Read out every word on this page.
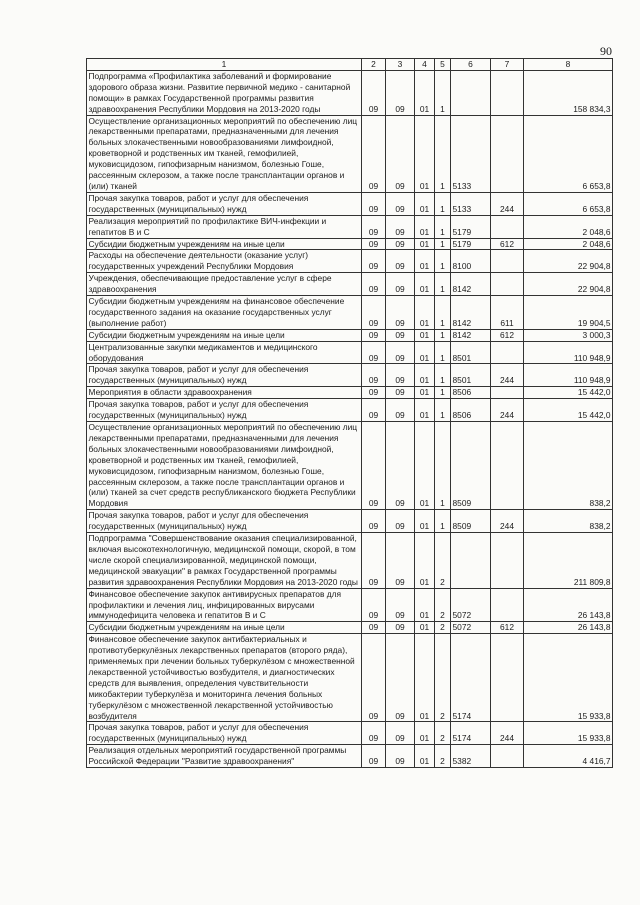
90
1	2	3	4	5	6	7	8
Подпрограмма «Профилактика заболеваний и формирование здорового образа жизни. Развитие первичной медико - санитарной помощи» в рамках Государственной программы развития здравоохранения Республики Мордовия на 2013-2020 годы	09	09	01	1			158 834,3
Осуществление организационных мероприятий по обеспечению лиц лекарственными препаратами, предназначенными для лечения больных злокачественными новообразованиями лимфоидной, кроветворной и родственных им тканей, гемофилией, муковисцидозом, гипофизарным нанизмом, болезнью Гоше, рассеянным склерозом, а также после трансплантации органов и (или) тканей	09	09	01	1	5133		6 653,8
Прочая закупка товаров, работ и услуг для обеспечения государственных (муниципальных) нужд	09	09	01	1	5133	244	6 653,8
Реализация мероприятий по профилактике ВИЧ-инфекции и гепатитов В и С	09	09	01	1	5179		2 048,6
Субсидии бюджетным учреждениям на иные цели	09	09	01	1	5179	612	2 048,6
Расходы на обеспечение деятельности (оказание услуг) государственных учреждений Республики Мордовия	09	09	01	1	8100		22 904,8
Учреждения, обеспечивающие предоставление услуг в сфере здравоохранения	09	09	01	1	8142		22 904,8
Субсидии бюджетным учреждениям на финансовое обеспечение государственного задания на оказание государственных услуг (выполнение работ)	09	09	01	1	8142	611	19 904,5
Субсидии бюджетным учреждениям на иные цели	09	09	01	1	8142	612	3 000,3
Централизованные закупки медикаментов и медицинского оборудования	09	09	01	1	8501		110 948,9
Прочая закупка товаров, работ и услуг для обеспечения государственных (муниципальных) нужд	09	09	01	1	8501	244	110 948,9
Мероприятия в области здравоохранения	09	09	01	1	8506		15 442,0
Прочая закупка товаров, работ и услуг для обеспечения государственных (муниципальных) нужд	09	09	01	1	8506	244	15 442,0
Осуществление организационных мероприятий по обеспечению лиц лекарственными препаратами, предназначенными для лечения больных злокачественными новообразованиями лимфоидной, кроветворной и родственных им тканей, гемофилией, муковисцидозом, гипофизарным нанизмом, болезнью Гоше, рассеянным склерозом, а также после трансплантации органов и (или) тканей за счет средств республиканского бюджета Республики Мордовия	09	09	01	1	8509		838,2
Прочая закупка товаров, работ и услуг для обеспечения государственных (муниципальных) нужд	09	09	01	1	8509	244	838,2
Подпрограмма "Совершенствование оказания специализированной, включая высокотехнологичную, медицинской помощи, скорой, в том числе скорой специализированной, медицинской помощи, медицинской эвакуации" в рамках Государственной программы развития здравоохранения Республики Мордовия на 2013-2020 годы	09	09	01	2			211 809,8
Финансовое обеспечение закупок антивирусных препаратов для профилактики и лечения лиц, инфицированных вирусами иммунодефицита человека и гепатитов В и С	09	09	01	2	5072		26 143,8
Субсидии бюджетным учреждениям на иные цели	09	09	01	2	5072	612	26 143,8
Финансовое обеспечение закупок антибактериальных и противотуберкулёзных лекарственных препаратов (второго ряда), применяемых при лечении больных туберкулёзом с множественной лекарственной устойчивостью возбудителя, и диагностических средств для выявления, определения чувствительности микобактерии туберкулёза и мониторинга лечения больных туберкулёзом с множественной лекарственной устойчивостью возбудителя	09	09	01	2	5174		15 933,8
Прочая закупка товаров, работ и услуг для обеспечения государственных (муниципальных) нужд	09	09	01	2	5174	244	15 933,8
Реализация отдельных мероприятий государственной программы Российской Федерации "Развитие здравоохранения"	09	09	01	2	5382		4 416,7
